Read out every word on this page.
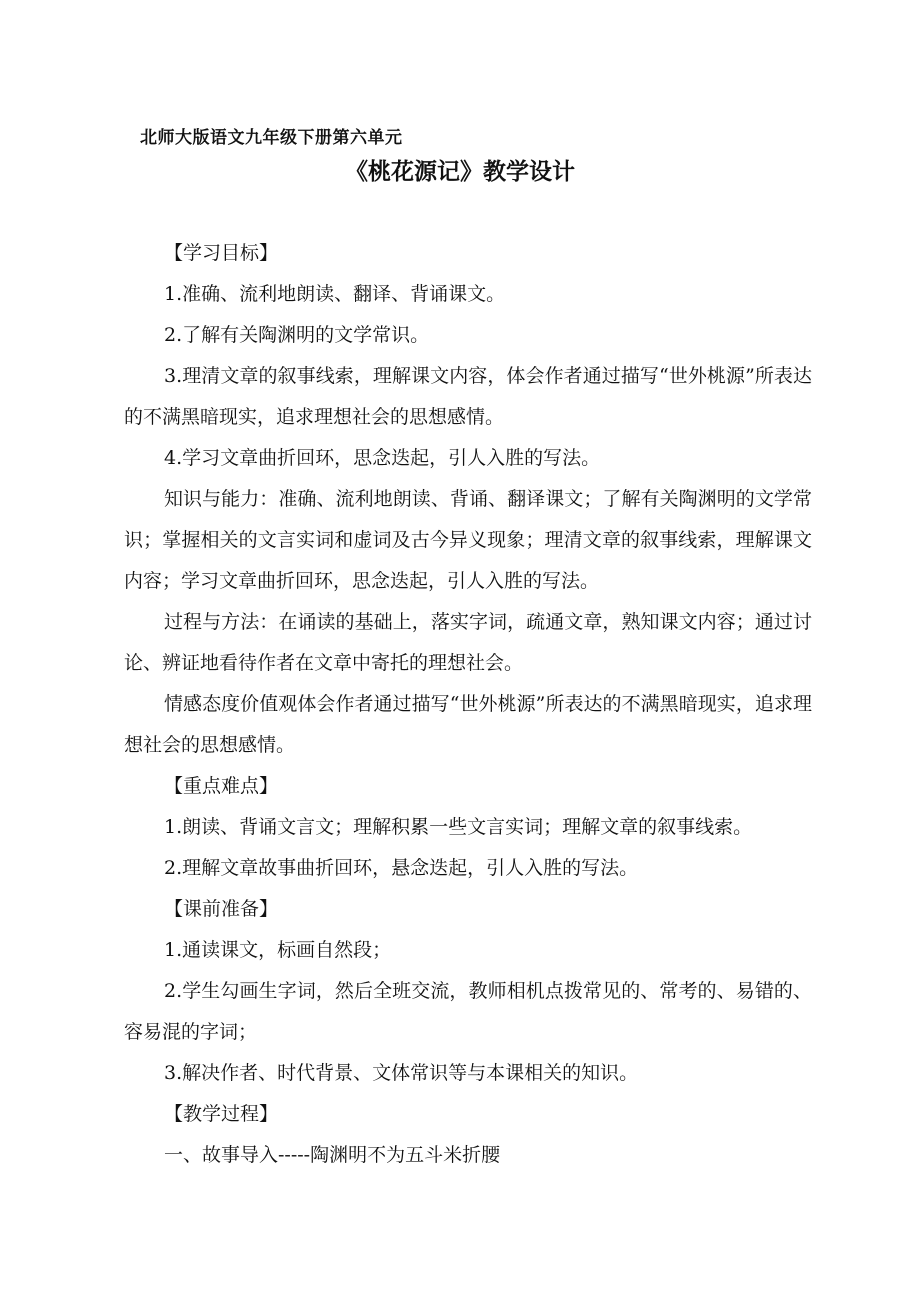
北师大版语文九年级下册第六单元
《桃花源记》教学设计

【学习目标】

1.准确、流利地朗读、翻译、背诵课文。

2.了解有关陶渊明的文学常识。

3.理清文章的叙事线索，理解课文内容，体会作者通过描写“世外桃源”所表达的不满黑暗现实，追求理想社会的思想感情。

4.学习文章曲折回环，思念迭起，引人入胜的写法。

知识与能力：准确、流利地朗读、背诵、翻译课文；了解有关陶渊明的文学常识；掌握相关的文言实词和虚词及古今异义现象；理清文章的叙事线索，理解课文内容；学习文章曲折回环，思念迭起，引人入胜的写法。

过程与方法：在诵读的基础上，落实字词，疏通文章，熟知课文内容；通过讨论、辨证地看待作者在文章中寄托的理想社会。

情感态度价值观体会作者通过描写“世外桃源”所表达的不满黑暗现实，追求理想社会的思想感情。

【重点难点】

1.朗读、背诵文言文；理解积累一些文言实词；理解文章的叙事线索。

2.理解文章故事曲折回环，悬念迭起，引人入胜的写法。

【课前准备】

1.通读课文，标画自然段；

2.学生勾画生字词，然后全班交流，教师相机点拨常见的、常考的、易错的、容易混的字词；

3.解决作者、时代背景、文体常识等与本课相关的知识。

【教学过程】

一、故事导入-----陶渊明不为五斗米折腰
